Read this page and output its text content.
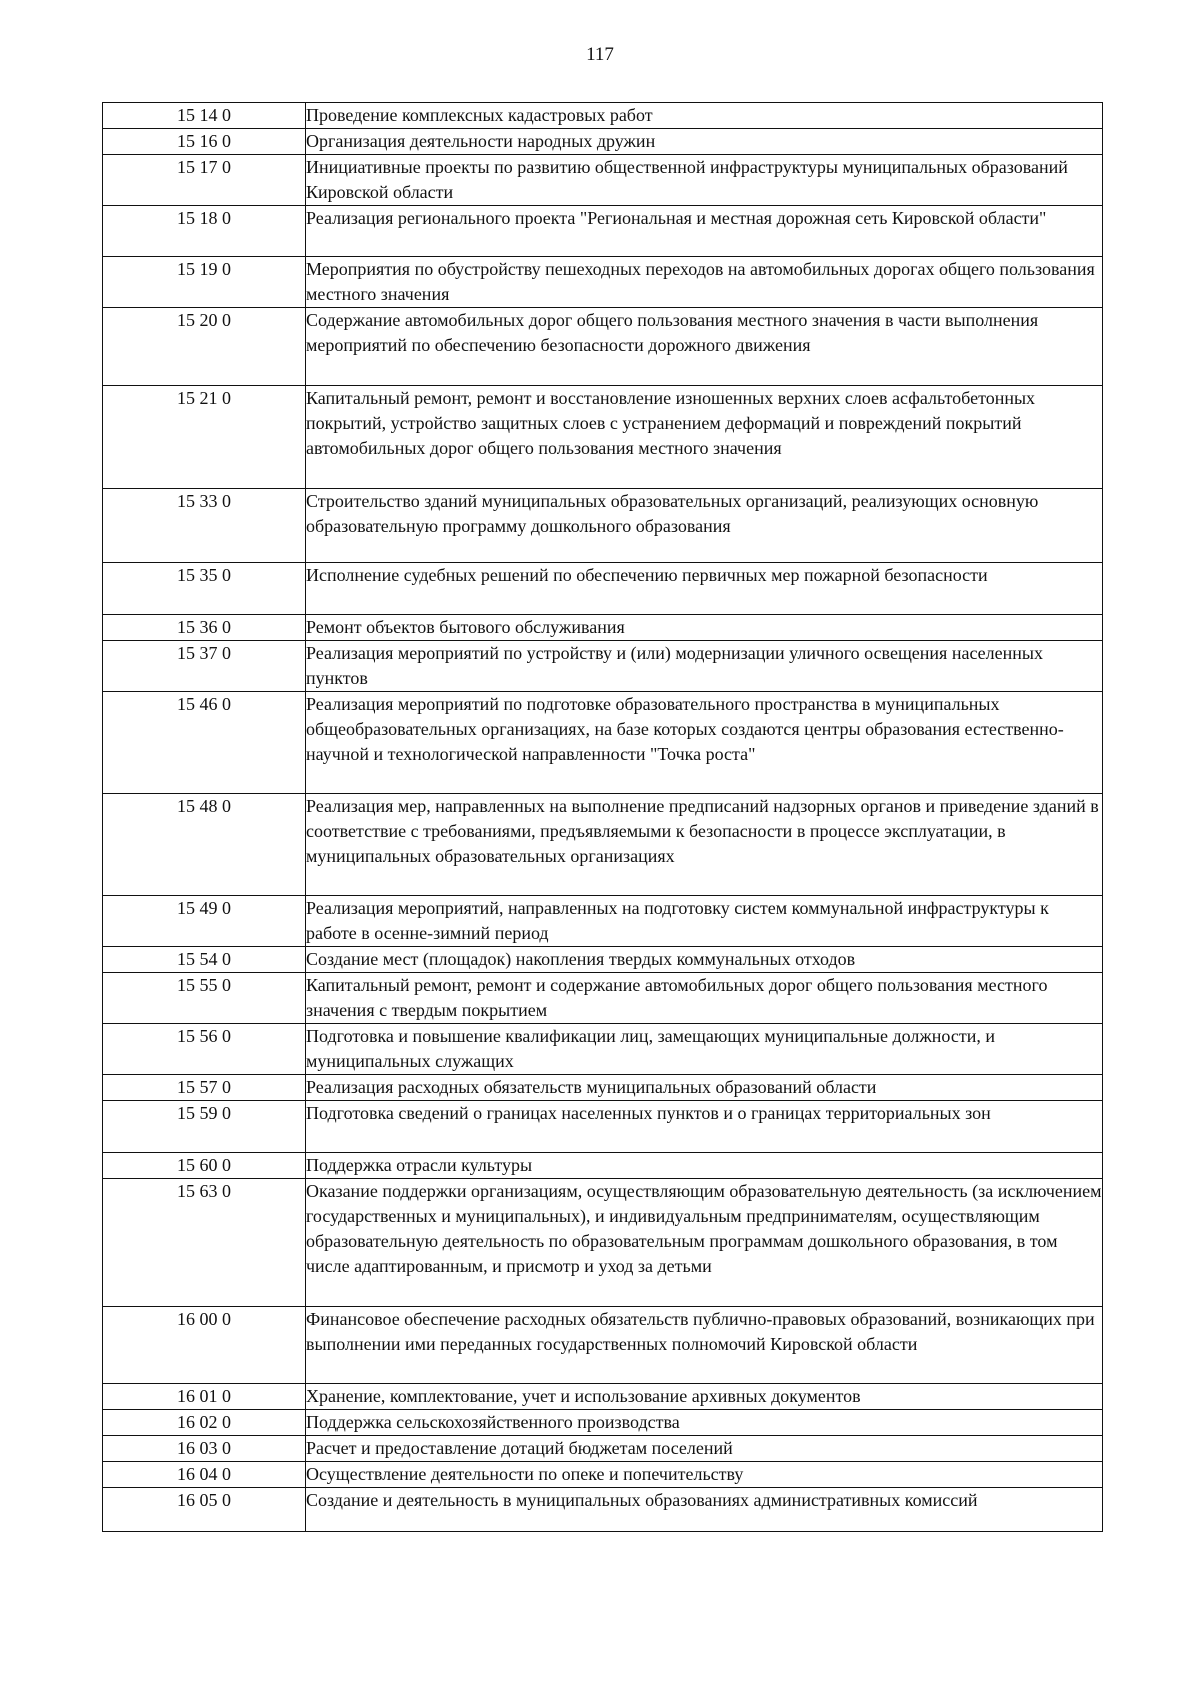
117
15 14 0	Проведение комплексных кадастровых работ
15 16 0	Организация деятельности народных дружин
15 17 0	Инициативные проекты по развитию общественной инфраструктуры муниципальных образований Кировской области
15 18 0	Реализация регионального проекта "Региональная и местная дорожная сеть Кировской области"
15 19 0	Мероприятия по обустройству пешеходных переходов на автомобильных дорогах общего пользования местного значения
15 20 0	Содержание автомобильных дорог общего пользования местного значения в части выполнения мероприятий по обеспечению безопасности дорожного движения
15 21 0	Капитальный ремонт, ремонт и восстановление изношенных верхних слоев асфальтобетонных покрытий, устройство защитных слоев с устранением деформаций и повреждений покрытий автомобильных дорог общего пользования местного значения
15 33 0	Строительство зданий муниципальных образовательных организаций, реализующих основную образовательную программу дошкольного образования
15 35 0	Исполнение судебных решений по обеспечению первичных мер пожарной безопасности
15 36 0	Ремонт объектов бытового обслуживания
15 37 0	Реализация мероприятий по устройству и (или) модернизации уличного освещения населенных пунктов
15 46 0	Реализация мероприятий по подготовке образовательного пространства в муниципальных общеобразовательных организациях, на базе которых создаются центры образования естественно-научной и технологической направленности "Точка роста"
15 48 0	Реализация мер, направленных на выполнение предписаний надзорных органов и приведение зданий в соответствие с требованиями, предъявляемыми к безопасности в процессе эксплуатации, в муниципальных образовательных организациях
15 49 0	Реализация мероприятий, направленных на подготовку систем коммунальной инфраструктуры к работе в осенне-зимний период
15 54 0	Создание мест (площадок) накопления твердых коммунальных отходов
15 55 0	Капитальный ремонт, ремонт и содержание автомобильных дорог общего пользования местного значения с твердым покрытием
15 56 0	Подготовка и повышение квалификации лиц, замещающих муниципальные должности, и муниципальных служащих
15 57 0	Реализация расходных обязательств муниципальных образований области
15 59 0	Подготовка сведений о границах населенных пунктов и о границах территориальных зон
15 60 0	Поддержка отрасли культуры
15 63 0	Оказание поддержки организациям, осуществляющим образовательную деятельность (за исключением государственных и муниципальных), и индивидуальным предпринимателям, осуществляющим образовательную деятельность по образовательным программам дошкольного образования, в том числе адаптированным, и присмотр и уход за детьми
16 00 0	Финансовое обеспечение расходных обязательств публично-правовых образований, возникающих при выполнении ими переданных государственных полномочий Кировской области
16 01 0	Хранение, комплектование, учет и использование архивных документов
16 02 0	Поддержка сельскохозяйственного производства
16 03 0	Расчет и предоставление дотаций бюджетам поселений
16 04 0	Осуществление деятельности по опеке и попечительству
16 05 0	Создание и деятельность в муниципальных образованиях административных комиссий
